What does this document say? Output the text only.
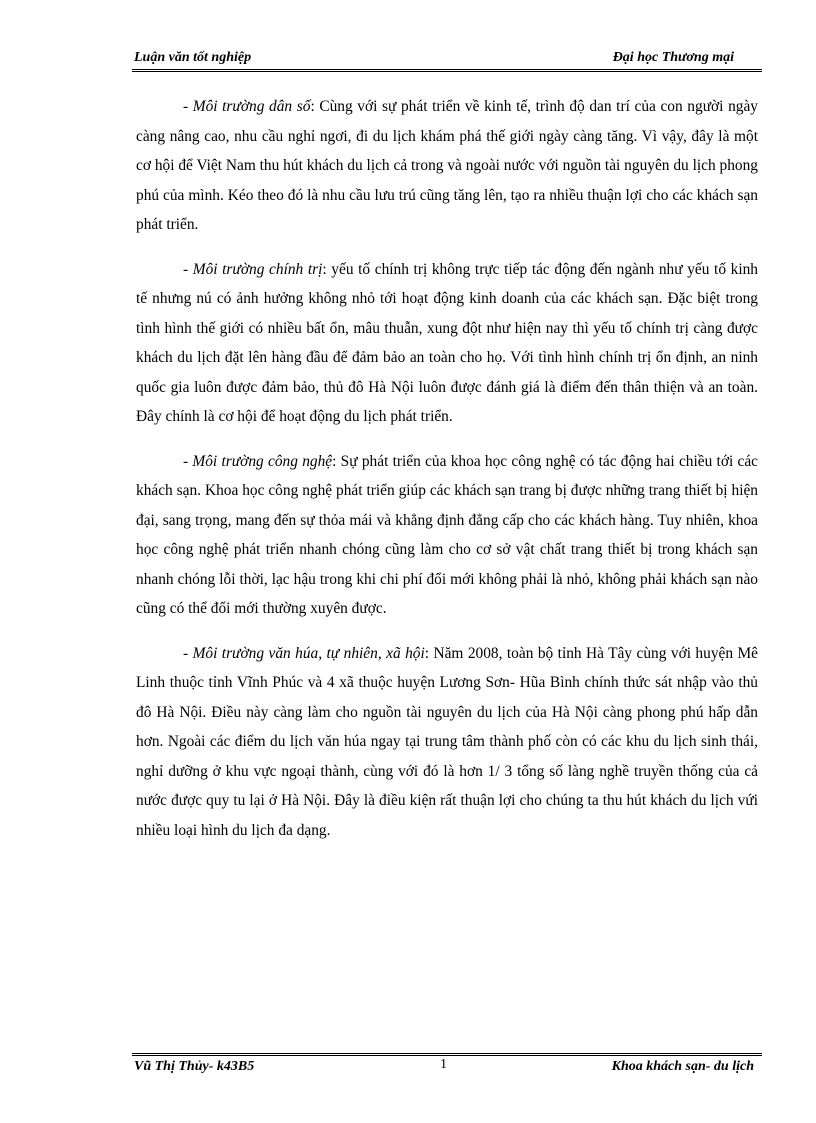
Luận văn tốt nghiệp	Đại học Thương mại

- Môi trường dân số: Cùng với sự phát triển về kinh tế, trình độ dan trí của con người ngày càng nâng cao, nhu cầu nghỉ ngơi, đi du lịch khám phá thế giới ngày càng tăng. Vì vậy, đây là một cơ hội để Việt Nam thu hút khách du lịch cả trong và ngoài nước với nguồn tài nguyên du lịch phong phú của mình. Kéo theo đó là nhu cầu lưu trú cũng tăng lên, tạo ra nhiều thuận lợi cho các khách sạn phát triển.

- Môi trường chính trị: yếu tố chính trị không trực tiếp tác động đến ngành như yếu tố kinh tế nhưng nú có ảnh hưởng không nhỏ tới hoạt động kinh doanh của các khách sạn. Đặc biệt trong tình hình thế giới có nhiều bất ổn, mâu thuẫn, xung đột như hiện nay thì yếu tố chính trị càng được khách du lịch đặt lên hàng đầu để đảm bảo an toàn cho họ. Với tình hình chính trị ổn định, an ninh quốc gia luôn được đảm bảo, thủ đô Hà Nội luôn được đánh giá là điểm đến thân thiện và an toàn. Đây chính là cơ hội để hoạt động du lịch phát triển.

- Môi trường công nghệ: Sự phát triển của khoa học công nghệ có tác động hai chiều tới các khách sạn. Khoa học công nghệ phát triển giúp các khách sạn trang bị được những trang thiết bị hiện đại, sang trọng, mang đến sự thỏa mái và khẳng định đẳng cấp cho các khách hàng. Tuy nhiên, khoa học công nghệ phát triển nhanh chóng cũng làm cho cơ sở vật chất trang thiết bị trong khách sạn nhanh chóng lỗi thời, lạc hậu trong khi chi phí đổi mới không phải là nhỏ, không phải khách sạn nào cũng có thể đổi mới thường xuyên được.

- Môi trường văn húa, tự nhiên, xã hội: Năm 2008, toàn bộ tỉnh Hà Tây cùng với huyện Mê Linh thuộc tỉnh Vĩnh Phúc và 4 xã thuộc huyện Lương Sơn- Hũa Bình chính thức sát nhập vào thủ đô Hà Nội. Điều này càng làm cho nguồn tài nguyên du lịch của Hà Nội càng phong phú hấp dẫn hơn. Ngoài các điểm du lịch văn húa ngay tại trung tâm thành phố còn có các khu du lịch sinh thái, nghỉ dưỡng ở khu vực ngoại thành, cùng với đó là hơn 1/ 3 tổng số làng nghề truyền thống của cả nước được quy tu lại ở Hà Nội. Đây là điều kiện rất thuận lợi cho chúng ta thu hút khách du lịch vứi nhiều loại hình du lịch đa dạng.

Vũ Thị Thủy- k43B5	1	Khoa khách sạn- du lịch
